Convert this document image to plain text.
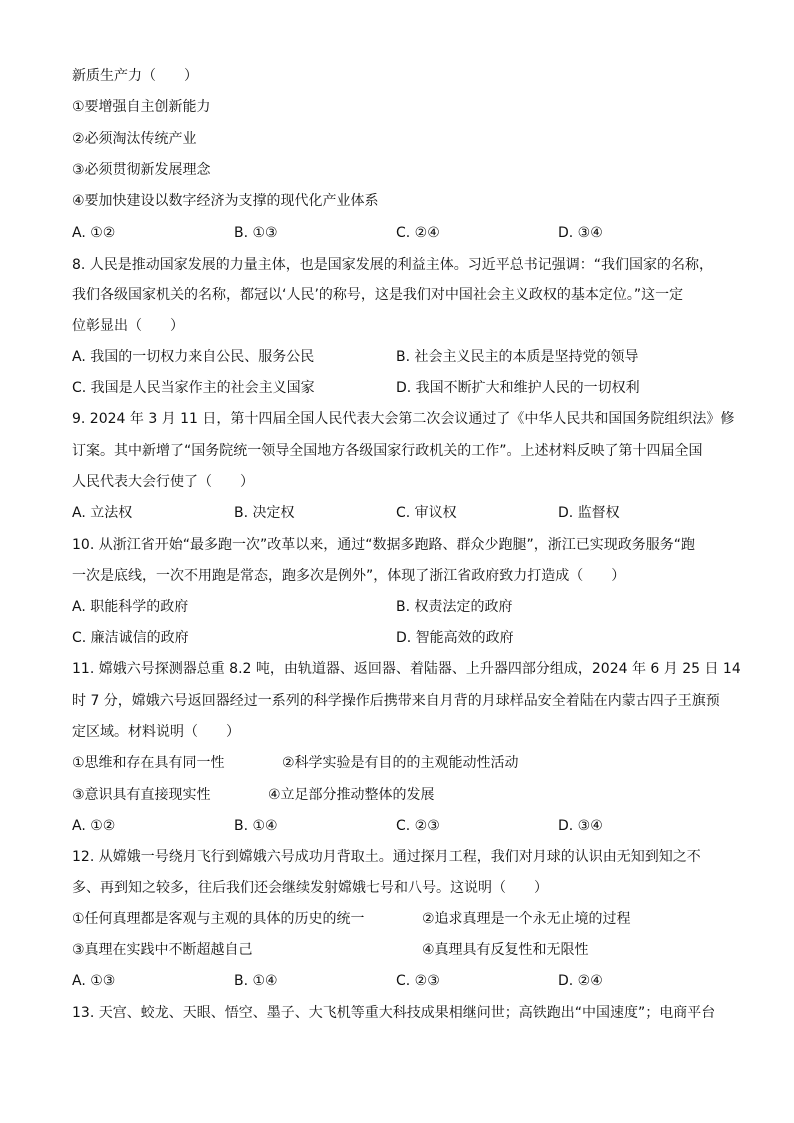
新质生产力（　　）
①要增强自主创新能力
②必须淘汰传统产业
③必须贯彻新发展理念
④要加快建设以数字经济为支撑的现代化产业体系
A. ①②	B. ①③	C. ②④	D. ③④
8. 人民是推动国家发展的力量主体，也是国家发展的利益主体。习近平总书记强调：“我们国家的名称，
我们各级国家机关的名称，都冠以‘人民’的称号，这是我们对中国社会主义政权的基本定位。”这一定
位彰显出（　　）
A. 我国的一切权力来自公民、服务公民	B. 社会主义民主的本质是坚持党的领导
C. 我国是人民当家作主的社会主义国家	D. 我国不断扩大和维护人民的一切权利
9. 2024 年 3 月 11 日，第十四届全国人民代表大会第二次会议通过了《中华人民共和国国务院组织法》修
订案。其中新增了“国务院统一领导全国地方各级国家行政机关的工作”。上述材料反映了第十四届全国
人民代表大会行使了（　　）
A. 立法权	B. 决定权	C. 审议权	D. 监督权
10. 从浙江省开始“最多跑一次”改革以来，通过“数据多跑路、群众少跑腿”，浙江已实现政务服务“跑
一次是底线，一次不用跑是常态，跑多次是例外”，体现了浙江省政府致力打造成（　　）
A. 职能科学的政府	B. 权责法定的政府
C. 廉洁诚信的政府	D. 智能高效的政府
11. 嫦娥六号探测器总重 8.2 吨，由轨道器、返回器、着陆器、上升器四部分组成，2024 年 6 月 25 日 14
时 7 分，嫦娥六号返回器经过一系列的科学操作后携带来自月背的月球样品安全着陆在内蒙古四子王旗预
定区域。材料说明（　　）
①思维和存在具有同一性	②科学实验是有目的的主观能动性活动
③意识具有直接现实性	④立足部分推动整体的发展
A. ①②	B. ①④	C. ②③	D. ③④
12. 从嫦娥一号绕月飞行到嫦娥六号成功月背取土。通过探月工程，我们对月球的认识由无知到知之不
多、再到知之较多，往后我们还会继续发射嫦娥七号和八号。这说明（　　）
①任何真理都是客观与主观的具体的历史的统一	②追求真理是一个永无止境的过程
③真理在实践中不断超越自己	④真理具有反复性和无限性
A. ①③	B. ①④	C. ②③	D. ②④
13. 天宫、蛟龙、天眼、悟空、墨子、大飞机等重大科技成果相继问世；高铁跑出“中国速度”；电商平台
